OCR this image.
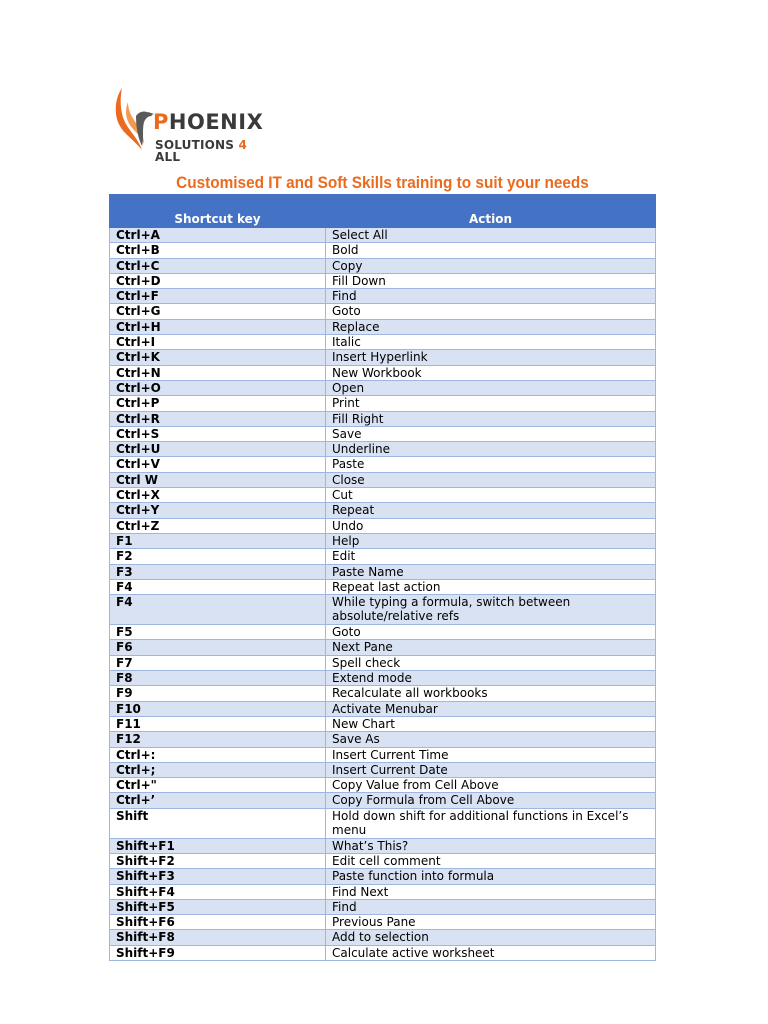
PHOENIX
SOLUTIONS 4 ALL
Customised IT and Soft Skills training to suit your needs
Shortcut key	Action
Ctrl+A	Select All
Ctrl+B	Bold
Ctrl+C	Copy
Ctrl+D	Fill Down
Ctrl+F	Find
Ctrl+G	Goto
Ctrl+H	Replace
Ctrl+I	Italic
Ctrl+K	Insert Hyperlink
Ctrl+N	New Workbook
Ctrl+O	Open
Ctrl+P	Print
Ctrl+R	Fill Right
Ctrl+S	Save
Ctrl+U	Underline
Ctrl+V	Paste
Ctrl W	Close
Ctrl+X	Cut
Ctrl+Y	Repeat
Ctrl+Z	Undo
F1	Help
F2	Edit
F3	Paste Name
F4	Repeat last action
F4	While typing a formula, switch between absolute/relative refs
F5	Goto
F6	Next Pane
F7	Spell check
F8	Extend mode
F9	Recalculate all workbooks
F10	Activate Menubar
F11	New Chart
F12	Save As
Ctrl+:	Insert Current Time
Ctrl+;	Insert Current Date
Ctrl+"	Copy Value from Cell Above
Ctrl+’	Copy Formula from Cell Above
Shift	Hold down shift for additional functions in Excel’s menu
Shift+F1	What’s This?
Shift+F2	Edit cell comment
Shift+F3	Paste function into formula
Shift+F4	Find Next
Shift+F5	Find
Shift+F6	Previous Pane
Shift+F8	Add to selection
Shift+F9	Calculate active worksheet
